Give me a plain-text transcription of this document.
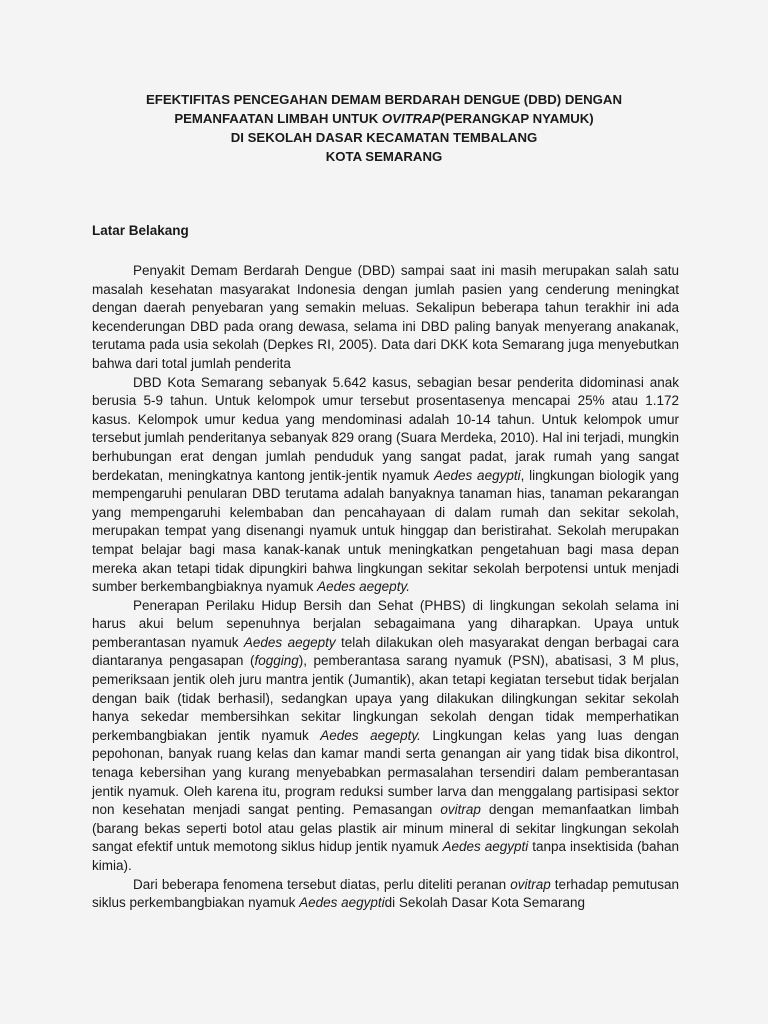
EFEKTIFITAS PENCEGAHAN DEMAM BERDARAH DENGUE (DBD) DENGAN
PEMANFAATAN LIMBAH UNTUK OVITRAP(PERANGKAP NYAMUK)
DI SEKOLAH DASAR KECAMATAN TEMBALANG
KOTA SEMARANG
Latar Belakang

Penyakit Demam Berdarah Dengue (DBD) sampai saat ini masih merupakan salah satu masalah kesehatan masyarakat Indonesia dengan jumlah pasien yang cenderung meningkat dengan daerah penyebaran yang semakin meluas. Sekalipun beberapa tahun terakhir ini ada kecenderungan DBD pada orang dewasa, selama ini DBD paling banyak menyerang anakanak, terutama pada usia sekolah (Depkes RI, 2005). Data dari DKK kota Semarang juga menyebutkan bahwa dari total jumlah penderita

DBD Kota Semarang sebanyak 5.642 kasus, sebagian besar penderita didominasi anak berusia 5-9 tahun. Untuk kelompok umur tersebut prosentasenya mencapai 25% atau 1.172 kasus. Kelompok umur kedua yang mendominasi adalah 10-14 tahun. Untuk kelompok umur tersebut jumlah penderitanya sebanyak 829 orang (Suara Merdeka, 2010). Hal ini terjadi, mungkin berhubungan erat dengan jumlah penduduk yang sangat padat, jarak rumah yang sangat berdekatan, meningkatnya kantong jentik-jentik nyamuk Aedes aegypti, lingkungan biologik yang mempengaruhi penularan DBD terutama adalah banyaknya tanaman hias, tanaman pekarangan yang mempengaruhi kelembaban dan pencahayaan di dalam rumah dan sekitar sekolah, merupakan tempat yang disenangi nyamuk untuk hinggap dan beristirahat. Sekolah merupakan tempat belajar bagi masa kanak-kanak untuk meningkatkan pengetahuan bagi masa depan mereka akan tetapi tidak dipungkiri bahwa lingkungan sekitar sekolah berpotensi untuk menjadi sumber berkembangbiaknya nyamuk Aedes aegepty.

Penerapan Perilaku Hidup Bersih dan Sehat (PHBS) di lingkungan sekolah selama ini harus akui belum sepenuhnya berjalan sebagaimana yang diharapkan. Upaya untuk pemberantasan nyamuk Aedes aegepty telah dilakukan oleh masyarakat dengan berbagai cara diantaranya pengasapan (fogging), pemberantasa sarang nyamuk (PSN), abatisasi, 3 M plus, pemeriksaan jentik oleh juru mantra jentik (Jumantik), akan tetapi kegiatan tersebut tidak berjalan dengan baik (tidak berhasil), sedangkan upaya yang dilakukan dilingkungan sekitar sekolah hanya sekedar membersihkan sekitar lingkungan sekolah dengan tidak memperhatikan perkembangbiakan jentik nyamuk Aedes aegepty. Lingkungan kelas yang luas dengan pepohonan, banyak ruang kelas dan kamar mandi serta genangan air yang tidak bisa dikontrol, tenaga kebersihan yang kurang menyebabkan permasalahan tersendiri dalam pemberantasan jentik nyamuk. Oleh karena itu, program reduksi sumber larva dan menggalang partisipasi sektor non kesehatan menjadi sangat penting. Pemasangan ovitrap dengan memanfaatkan limbah (barang bekas seperti botol atau gelas plastik air minum mineral di sekitar lingkungan sekolah sangat efektif untuk memotong siklus hidup jentik nyamuk Aedes aegypti tanpa insektisida (bahan kimia).

Dari beberapa fenomena tersebut diatas, perlu diteliti peranan ovitrap terhadap pemutusan siklus perkembangbiakan nyamuk Aedes aegyptidi Sekolah Dasar Kota Semarang
